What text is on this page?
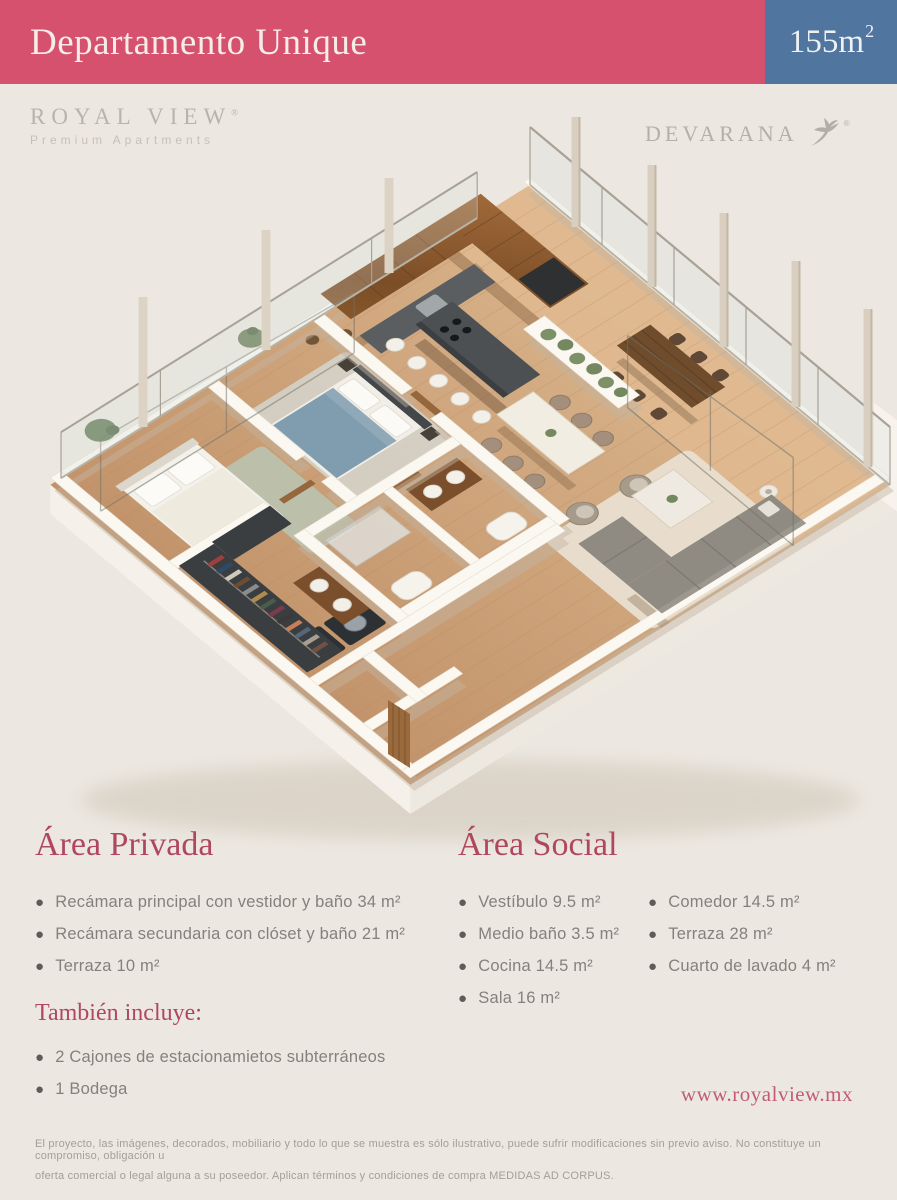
Departamento Unique	$155m^2$
ROYAL VIEW®
Premium Apartments	DEVARANA	®
Área Privada
● Recámara principal con vestidor y baño 34 m²
● Recámara secundaria con clóset y baño 21 m²
● Terraza 10 m²
Área Social
● Vestíbulo 9.5 m²
● Medio baño 3.5 m²
● Cocina 14.5 m²
● Sala 16 m²
● Comedor 14.5 m²
● Terraza 28 m²
● Cuarto de lavado 4 m²
También incluye:
● 2 Cajones de estacionamietos subterráneos
● 1 Bodega	www.royalview.mx
El proyecto, las imágenes, decorados, mobiliario y todo lo que se muestra es sólo ilustrativo, puede sufrir modificaciones sin previo aviso. No constituye un compromiso, obligación u
oferta comercial o legal alguna a su poseedor. Aplican términos y condiciones de compra MEDIDAS AD CORPUS.
